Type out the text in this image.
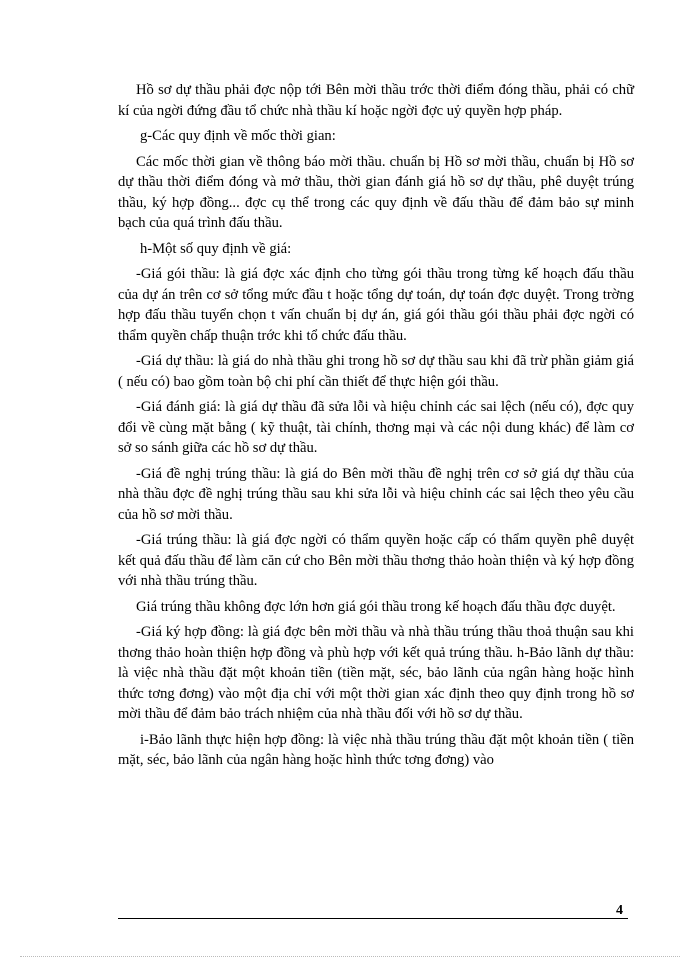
Hồ sơ dự thầu phải đợc nộp tới Bên mời thầu trớc thời điểm đóng thầu, phải có chữ kí của ngời đứng đầu tổ chức nhà thầu kí hoặc ngời đợc uỷ quyền hợp pháp.

g-Các quy định về mốc thời gian:

Các mốc thời gian về thông báo mời thầu. chuẩn bị Hồ sơ mời thầu, chuẩn bị Hồ sơ dự thầu thời điểm đóng và mở thầu, thời gian đánh giá hồ sơ dự thầu, phê duyệt trúng thầu, ký hợp đồng... đợc cụ thể trong các quy định về đấu thầu để đảm bảo sự minh bạch của quá trình đấu thầu.

h-Một số quy định về giá:

-Giá gói thầu: là giá đợc xác định cho từng gói thầu trong từng kế hoạch đấu thầu của dự án trên cơ sở tổng mức đầu t hoặc tổng dự toán, dự toán đợc duyệt. Trong trờng hợp đấu thầu tuyển chọn t vấn chuẩn bị dự án, giá gói thầu gói thầu phải đợc ngời có thẩm quyền chấp thuận trớc khi tổ chức đấu thầu.

-Giá dự thầu: là giá do nhà thầu ghi trong hồ sơ dự thầu sau khi đã trừ phần giảm giá ( nếu có) bao gồm toàn bộ chi phí cần thiết để thực hiện gói thầu.

-Giá đánh giá: là giá dự thầu đã sửa lỗi và hiệu chỉnh các sai lệch (nếu có), đợc quy đổi về cùng mặt bằng ( kỹ thuật, tài chính, thơng mại và các nội dung khác) để làm cơ sở so sánh giữa các hồ sơ dự thầu.

-Giá đề nghị trúng thầu: là giá do Bên mời thầu đề nghị trên cơ sở giá dự thầu của nhà thầu đợc đề nghị trúng thầu sau khi sửa lỗi và hiệu chỉnh các sai lệch theo yêu cầu của hồ sơ mời thầu.

-Giá trúng thầu: là giá đợc ngời có thẩm quyền hoặc cấp có thẩm quyền phê duyệt kết quả đấu thầu để làm căn cứ cho Bên mời thầu thơng thảo hoàn thiện và ký hợp đồng với nhà thầu trúng thầu.

Giá trúng thầu không đợc lớn hơn giá gói thầu trong kế hoạch đấu thầu đợc duyệt.

-Giá ký hợp đồng: là giá đợc bên mời thầu và nhà thầu trúng thầu thoả thuận sau khi thơng thảo hoàn thiện hợp đồng và phù hợp với kết quả trúng thầu. h-Bảo lãnh dự thầu: là việc nhà thầu đặt một khoản tiền (tiền mặt, séc, bảo lãnh của ngân hàng hoặc hình thức tơng đơng) vào một địa chỉ với một thời gian xác định theo quy định trong hồ sơ mời thầu để đảm bảo trách nhiệm của nhà thầu đối với hồ sơ dự thầu.

i-Bảo lãnh thực hiện hợp đồng: là việc nhà thầu trúng thầu đặt một khoản tiền ( tiền mặt, séc, bảo lãnh của ngân hàng hoặc hình thức tơng đơng) vào

4
